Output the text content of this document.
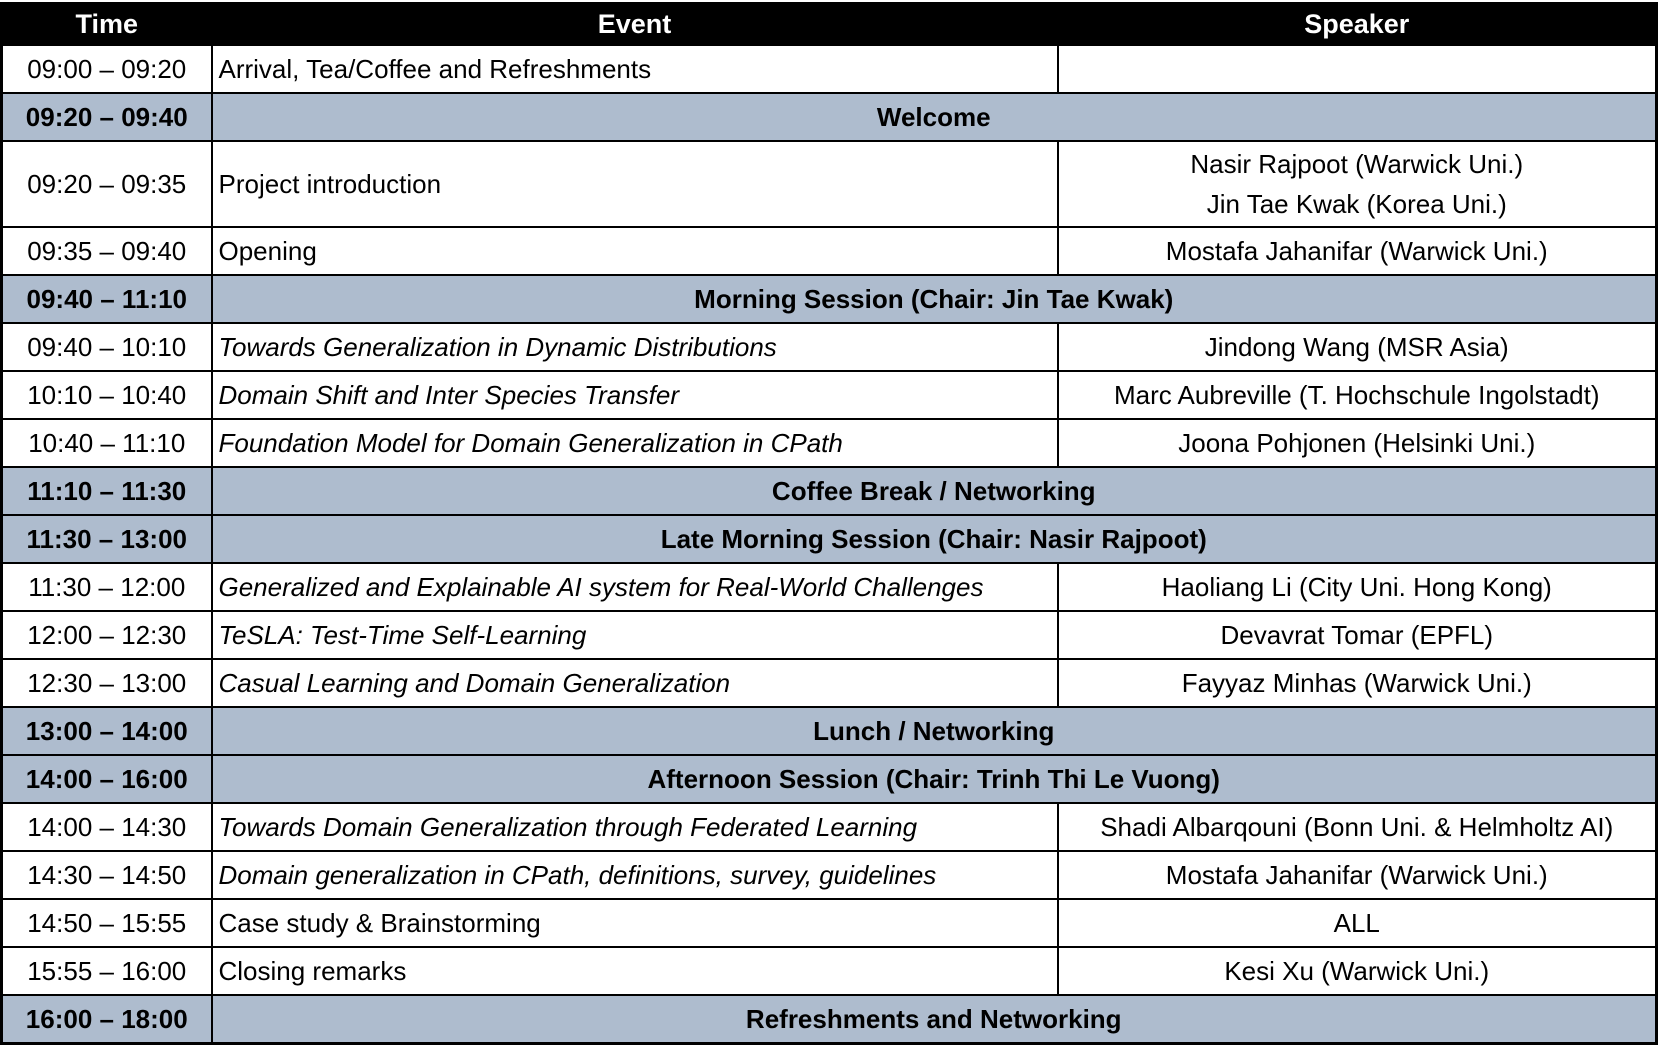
Time	Event	Speaker
09:00 – 09:20	Arrival, Tea/Coffee and Refreshments	
09:20 – 09:40	Welcome	
09:20 – 09:35	Project introduction	Nasir Rajpoot (Warwick Uni.)
Jin Tae Kwak (Korea Uni.)

09:35 – 09:40	Opening	Mostafa Jahanifar (Warwick Uni.)
09:40 – 11:10	Morning Session (Chair: Jin Tae Kwak)	
09:40 – 10:10	Towards Generalization in Dynamic Distributions	Jindong Wang (MSR Asia)
10:10 – 10:40	Domain Shift and Inter Species Transfer	Marc Aubreville (T. Hochschule Ingolstadt)
10:40 – 11:10	Foundation Model for Domain Generalization in CPath	Joona Pohjonen (Helsinki Uni.)
11:10 – 11:30	Coffee Break / Networking	
11:30 – 13:00	Late Morning Session (Chair: Nasir Rajpoot)	
11:30 – 12:00	Generalized and Explainable AI system for Real-World Challenges	Haoliang Li (City Uni. Hong Kong)
12:00 – 12:30	TeSLA: Test-Time Self-Learning	Devavrat Tomar (EPFL)
12:30 – 13:00	Casual Learning and Domain Generalization	Fayyaz Minhas (Warwick Uni.)
13:00 – 14:00	Lunch / Networking	
14:00 – 16:00	Afternoon Session (Chair: Trinh Thi Le Vuong)	
14:00 – 14:30	Towards Domain Generalization through Federated Learning	Shadi Albarqouni (Bonn Uni. & Helmholtz AI)
14:30 – 14:50	Domain generalization in CPath, definitions, survey, guidelines	Mostafa Jahanifar (Warwick Uni.)
14:50 – 15:55	Case study & Brainstorming	ALL
15:55 – 16:00	Closing remarks	Kesi Xu (Warwick Uni.)
16:00 – 18:00	Refreshments and Networking	
